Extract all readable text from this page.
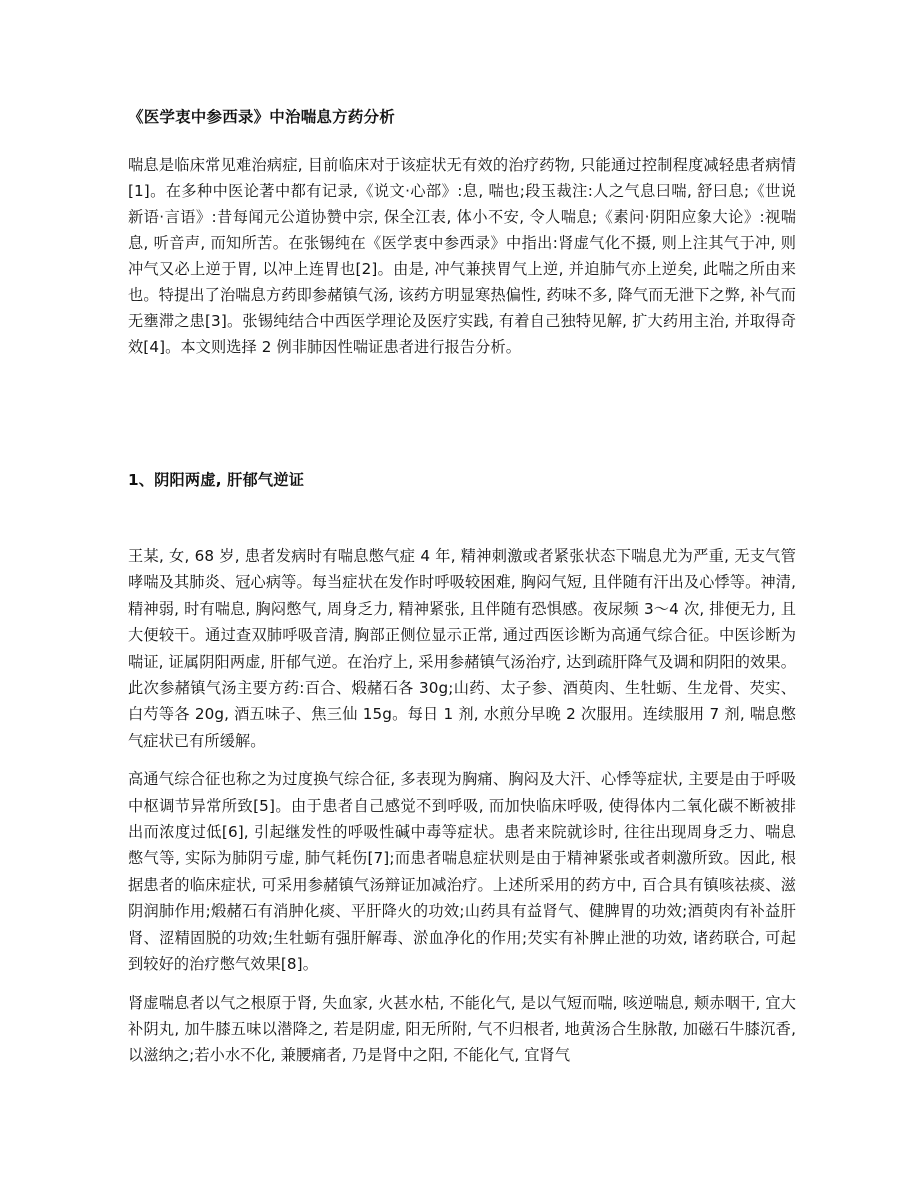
《医学衷中参西录》中治喘息方药分析

喘息是临床常见难治病症, 目前临床对于该症状无有效的治疗药物, 只能通过控制程度减轻患者病情[1]。在多种中医论著中都有记录,《说文·心部》:息, 喘也;段玉裁注:人之气息曰喘, 舒曰息;《世说新语·言语》:昔每闻元公道协赞中宗, 保全江表, 体小不安, 令人喘息;《素问·阴阳应象大论》:视喘息, 听音声, 而知所苦。在张锡纯在《医学衷中参西录》中指出:肾虚气化不摄, 则上注其气于冲, 则冲气又必上逆于胃, 以冲上连胃也[2]。由是, 冲气兼挟胃气上逆, 并迫肺气亦上逆矣, 此喘之所由来也。特提出了治喘息方药即参赭镇气汤, 该药方明显寒热偏性, 药味不多, 降气而无泄下之弊, 补气而无壅滞之患[3]。张锡纯结合中西医学理论及医疗实践, 有着自己独特见解, 扩大药用主治, 并取得奇效[4]。本文则选择 2 例非肺因性喘证患者进行报告分析。

1、阴阳两虚, 肝郁气逆证

王某, 女, 68 岁, 患者发病时有喘息憋气症 4 年, 精神刺激或者紧张状态下喘息尤为严重, 无支气管哮喘及其肺炎、冠心病等。每当症状在发作时呼吸较困难, 胸闷气短, 且伴随有汗出及心悸等。神清, 精神弱, 时有喘息, 胸闷憋气, 周身乏力, 精神紧张, 且伴随有恐惧感。夜尿频 3～4 次, 排便无力, 且大便较干。通过查双肺呼吸音清, 胸部正侧位显示正常, 通过西医诊断为高通气综合征。中医诊断为喘证, 证属阴阳两虚, 肝郁气逆。在治疗上, 采用参赭镇气汤治疗, 达到疏肝降气及调和阴阳的效果。此次参赭镇气汤主要方药:百合、煅赭石各 30g;山药、太子参、酒萸肉、生牡蛎、生龙骨、芡实、白芍等各 20g, 酒五味子、焦三仙 15g。每日 1 剂, 水煎分早晚 2 次服用。连续服用 7 剂, 喘息憋气症状已有所缓解。

高通气综合征也称之为过度换气综合征, 多表现为胸痛、胸闷及大汗、心悸等症状, 主要是由于呼吸中枢调节异常所致[5]。由于患者自己感觉不到呼吸, 而加快临床呼吸, 使得体内二氧化碳不断被排出而浓度过低[6], 引起继发性的呼吸性碱中毒等症状。患者来院就诊时, 往往出现周身乏力、喘息憋气等, 实际为肺阴亏虚, 肺气耗伤[7];而患者喘息症状则是由于精神紧张或者刺激所致。因此, 根据患者的临床症状, 可采用参赭镇气汤辩证加减治疗。上述所采用的药方中, 百合具有镇咳祛痰、滋阴润肺作用;煅赭石有消肿化痰、平肝降火的功效;山药具有益肾气、健脾胃的功效;酒萸肉有补益肝肾、涩精固脱的功效;生牡蛎有强肝解毒、淤血净化的作用;芡实有补脾止泄的功效, 诸药联合, 可起到较好的治疗憋气效果[8]。

肾虚喘息者以气之根原于肾, 失血家, 火甚水枯, 不能化气, 是以气短而喘, 咳逆喘息, 颊赤咽干, 宜大补阴丸, 加牛膝五味以潜降之, 若是阴虚, 阳无所附, 气不归根者, 地黄汤合生脉散, 加磁石牛膝沉香, 以滋纳之;若小水不化, 兼腰痛者, 乃是肾中之阳, 不能化气, 宜肾气
